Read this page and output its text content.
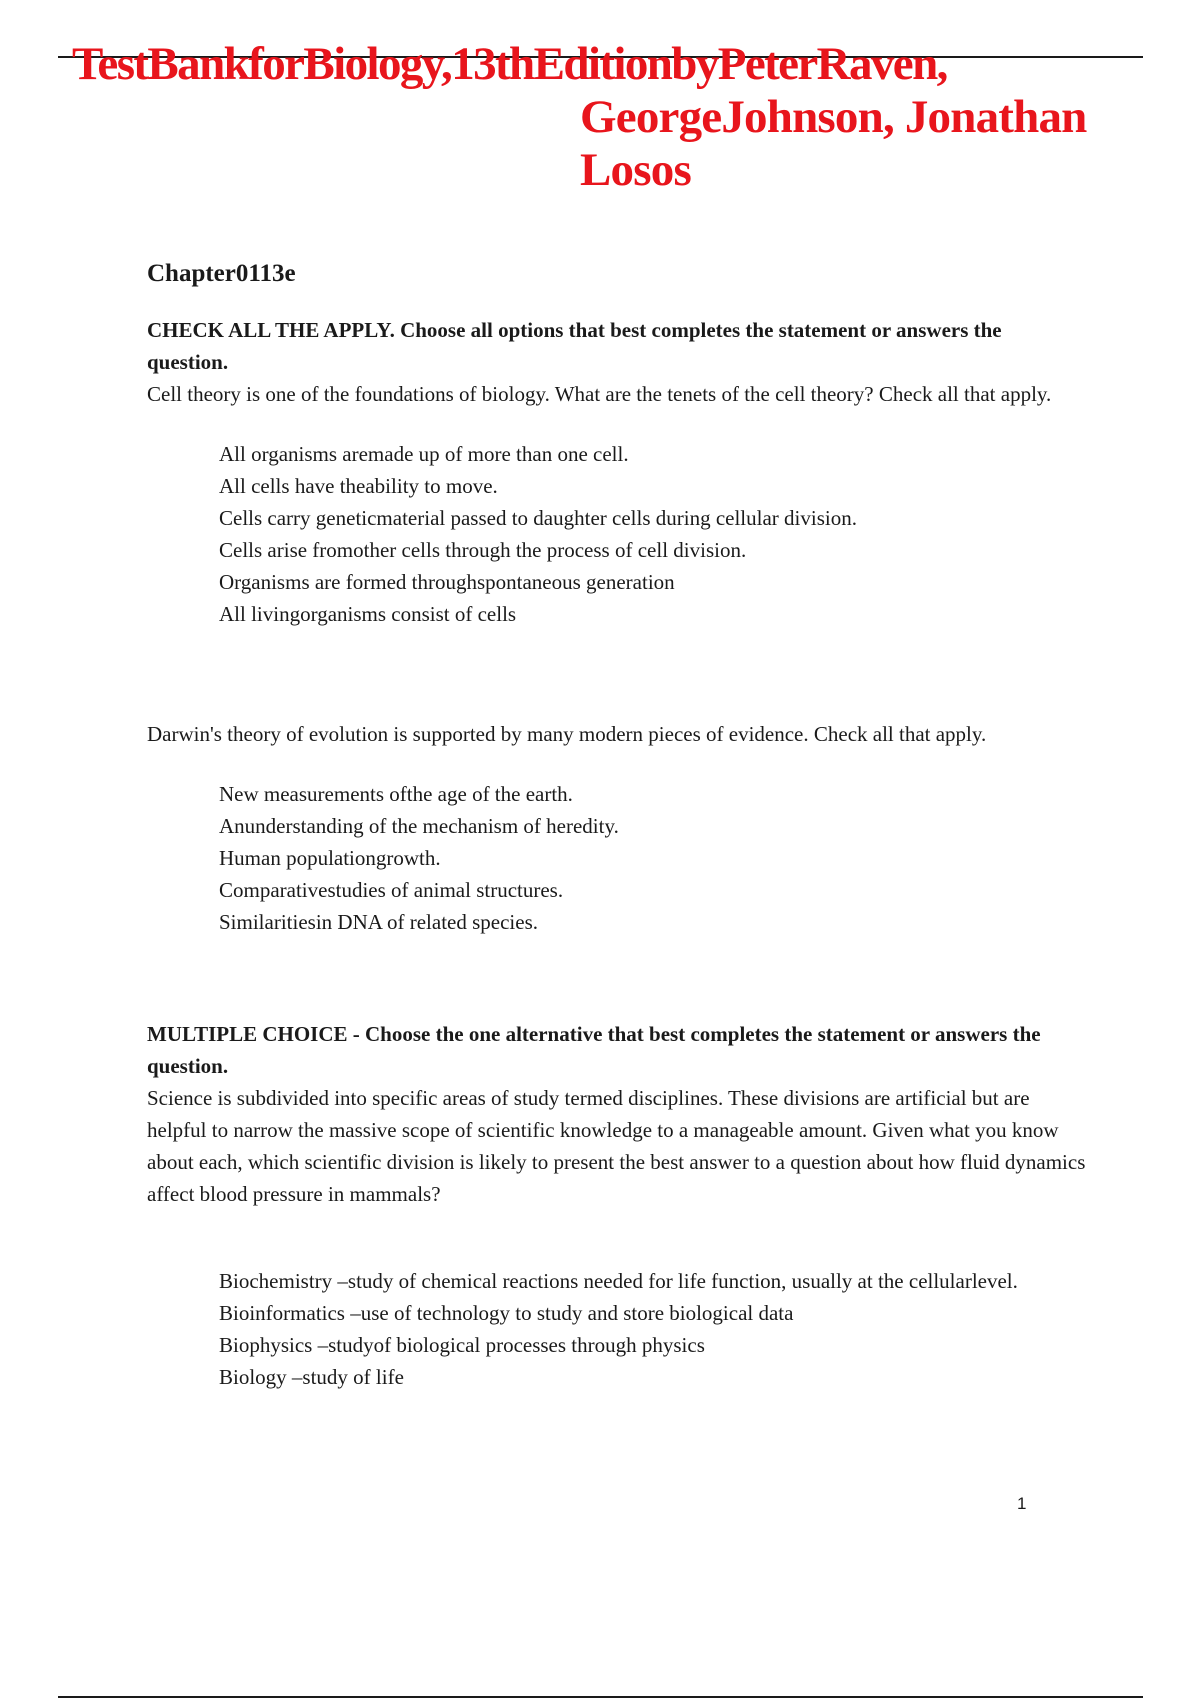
TestBankforBiology,13thEditionbyPeterRaven,
GeorgeJohnson, Jonathan Losos
Chapter0113e

CHECK ALL THE APPLY. Choose all options that best completes the statement or answers the question.

Cell theory is one of the foundations of biology. What are the tenets of the cell theory? Check all that apply.

All organisms aremade up of more than one cell.
All cells have theability to move.
Cells carry geneticmaterial passed to daughter cells during cellular division.
Cells arise fromother cells through the process of cell division.
Organisms are formed throughspontaneous generation
All livingorganisms consist of cells

Darwin's theory of evolution is supported by many modern pieces of evidence. Check all that apply.

New measurements ofthe age of the earth.
Anunderstanding of the mechanism of heredity.
Human populationgrowth.
Comparativestudies of animal structures.
Similaritiesin DNA of related species.

MULTIPLE CHOICE - Choose the one alternative that best completes the statement or answers the question.

Science is subdivided into specific areas of study termed disciplines. These divisions are artificial but are helpful to narrow the massive scope of scientific knowledge to a manageable amount. Given what you know about each, which scientific division is likely to present the best answer to a question about how fluid dynamics affect blood pressure in mammals?

Biochemistry –study of chemical reactions needed for life function, usually at the cellularlevel.
Bioinformatics –use of technology to study and store biological data
Biophysics –studyof biological processes through physics
Biology –study of life
1
